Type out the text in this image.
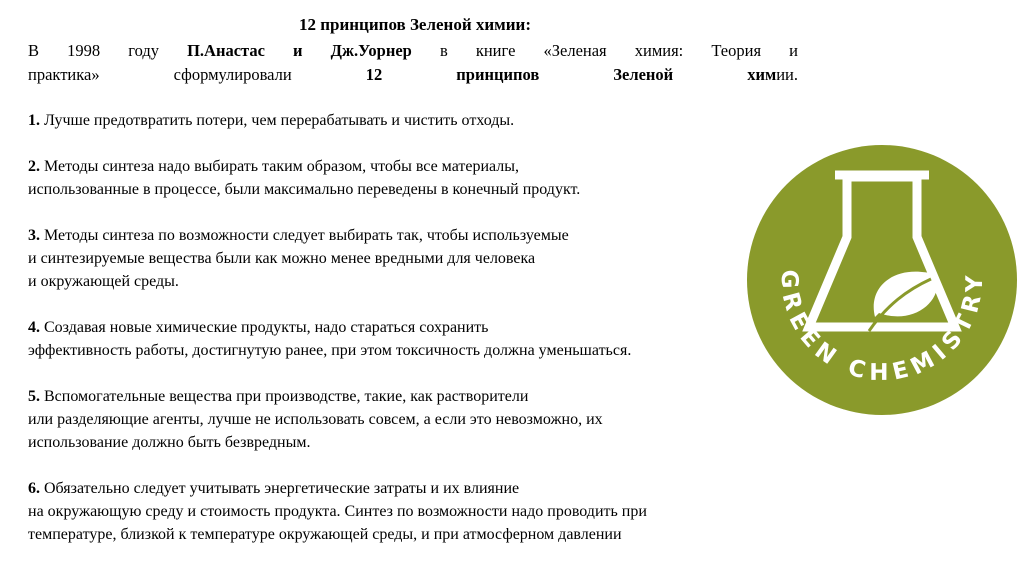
12 принципов Зеленой химии:
В 1998 году П.Анастас и Дж.Уорнер в книге «Зеленая химия: Теория и
практика» сформулировали 12 принципов Зеленой химии.
1. Лучше предотвратить потери, чем перерабатывать и чистить отходы.
2. Методы синтеза надо выбирать таким образом, чтобы все материалы,
использованные в процессе, были максимально переведены в конечный продукт.
3. Методы синтеза по возможности следует выбирать так, чтобы используемые
и синтезируемые вещества были как можно менее вредными для человека
и окружающей среды.
4. Создавая новые химические продукты, надо стараться сохранить
эффективность работы, достигнутую ранее, при этом токсичность должна уменьшаться.
5. Вспомогательные вещества при производстве, такие, как растворители
или разделяющие агенты, лучше не использовать совсем, а если это невозможно, их
использование должно быть безвредным.
6. Обязательно следует учитывать энергетические затраты и их влияние
на окружающую среду и стоимость продукта. Синтез по возможности надо проводить при
температуре, близкой к температуре окружающей среды, и при атмосферном давлении
GREEN CHEMISTRY
